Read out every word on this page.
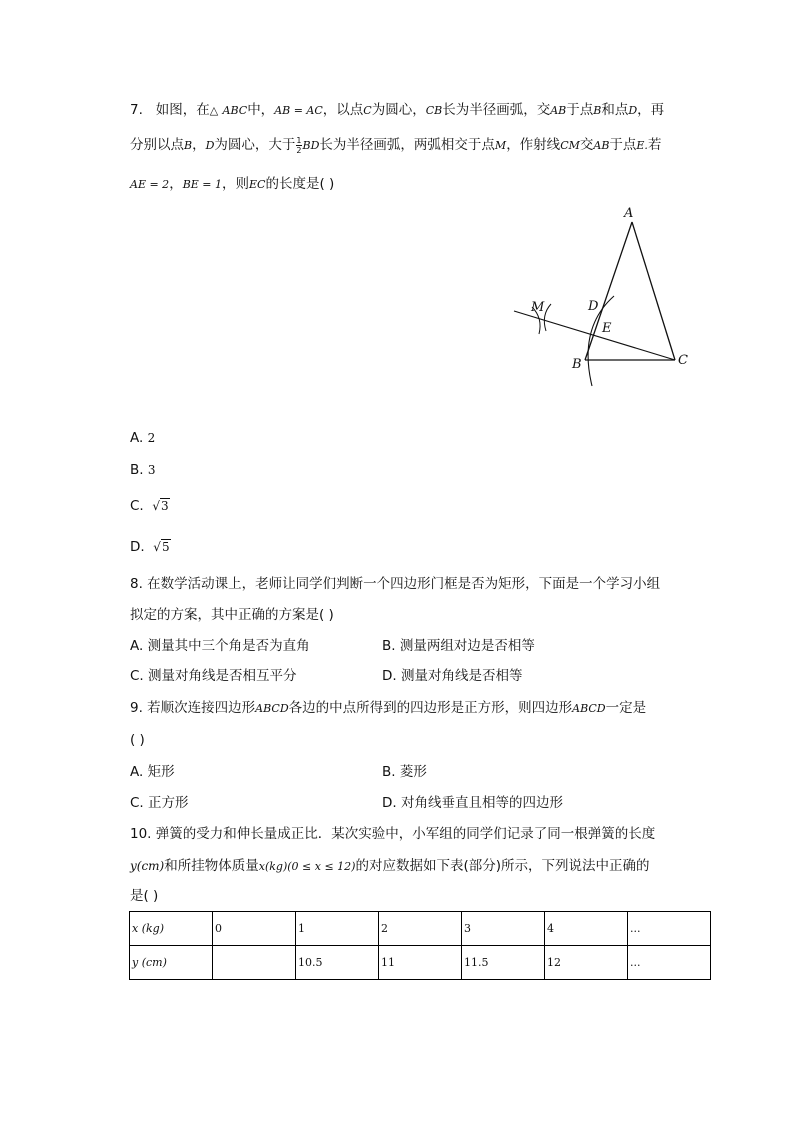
7. 如图，在△ ABC中，AB = AC，以点C为圆心，CB长为半径画弧，交AB于点B和点D，再
分别以点B，D为圆心，大于 $\frac{1}{2}$ BD长为半径画弧，两弧相交于点M，作射线CM交AB于点E.若
AE = 2，BE = 1，则EC的长度是( )
A
B	C
D
E
M
A. 2
B. 3
C. √3
D. √5
8. 在数学活动课上，老师让同学们判断一个四边形门框是否为矩形，下面是一个学习小组
拟定的方案，其中正确的方案是( )
A. 测量其中三个角是否为直角	B. 测量两组对边是否相等
C. 测量对角线是否相互平分	D. 测量对角线是否相等
9. 若顺次连接四边形ABCD各边的中点所得到的四边形是正方形，则四边形ABCD一定是
( )
A. 矩形	B. 菱形
C. 正方形	D. 对角线垂直且相等的四边形
10. 弹簧的受力和伸长量成正比．某次实验中，小军组的同学们记录了同一根弹簧的长度
y(cm)和所挂物体质量x(kg)(0 ≤ x ≤ 12)的对应数据如下表(部分)所示，下列说法中正确的
是( )
x (kg)	0	1	2	3	4	...
y (cm)		10.5	11	11.5	12	...
